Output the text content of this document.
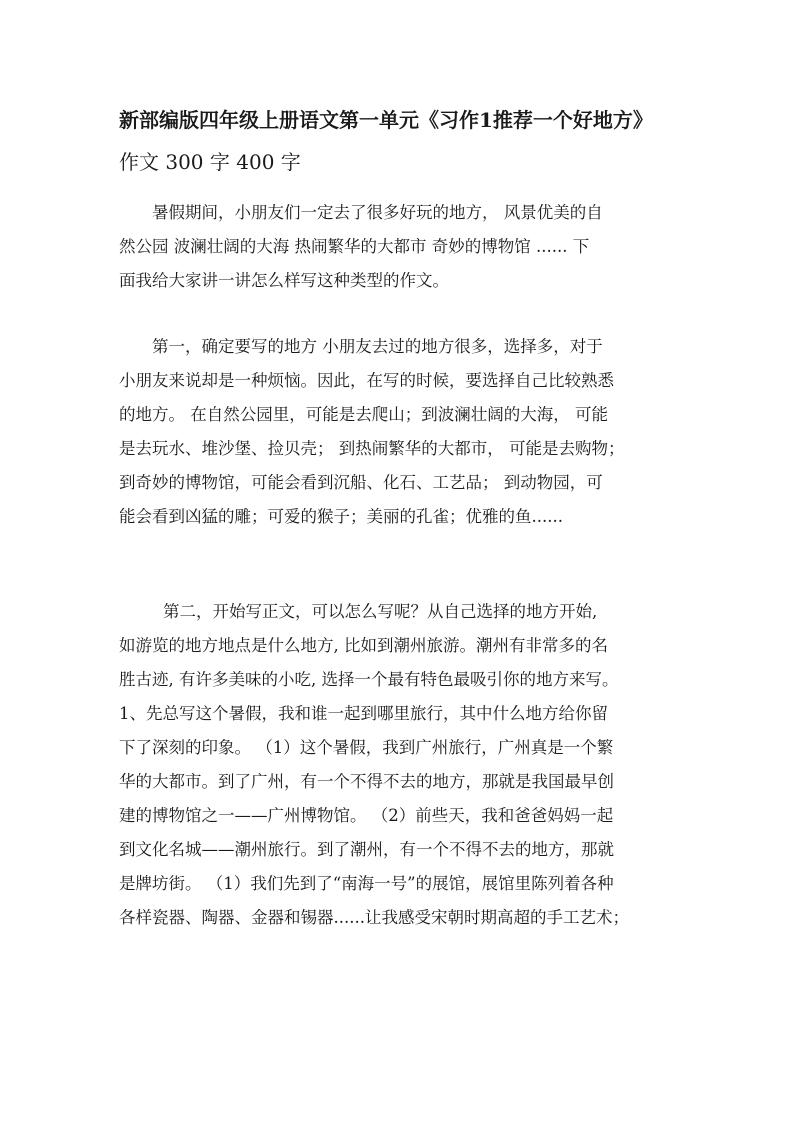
新部编版四年级上册语文第一单元《习作1推荐一个好地方》
作文 300 字 400 字
暑假期间，小朋友们一定去了很多好玩的地方， 风景优美的自
然公园 波澜壮阔的大海 热闹繁华的大都市 奇妙的博物馆 ...... 下
面我给大家讲一讲怎么样写这种类型的作文。
第一，确定要写的地方 小朋友去过的地方很多，选择多，对于
小朋友来说却是一种烦恼。因此，在写的时候，要选择自己比较熟悉
的地方。 在自然公园里，可能是去爬山；到波澜壮阔的大海， 可能
是去玩水、堆沙堡、捡贝壳； 到热闹繁华的大都市， 可能是去购物；
到奇妙的博物馆，可能会看到沉船、化石、工艺品； 到动物园，可
能会看到凶猛的雕；可爱的猴子；美丽的孔雀；优雅的鱼......
第二，开始写正文，可以怎么写呢？从自己选择的地方开始,
如游览的地方地点是什么地方, 比如到潮州旅游。潮州有非常多的名
胜古迹, 有许多美味的小吃, 选择一个最有特色最吸引你的地方来写。
1、先总写这个暑假，我和谁一起到哪里旅行，其中什么地方给你留
下了深刻的印象。 （1）这个暑假，我到广州旅行，广州真是一个繁
华的大都市。到了广州，有一个不得不去的地方，那就是我国最早创
建的博物馆之一——广州博物馆。 （2）前些天，我和爸爸妈妈一起
到文化名城——潮州旅行。到了潮州，有一个不得不去的地方，那就
是牌坊街。 （1）我们先到了“南海一号”的展馆，展馆里陈列着各种
各样瓷器、陶器、金器和锡器......让我感受宋朝时期高超的手工艺术；
